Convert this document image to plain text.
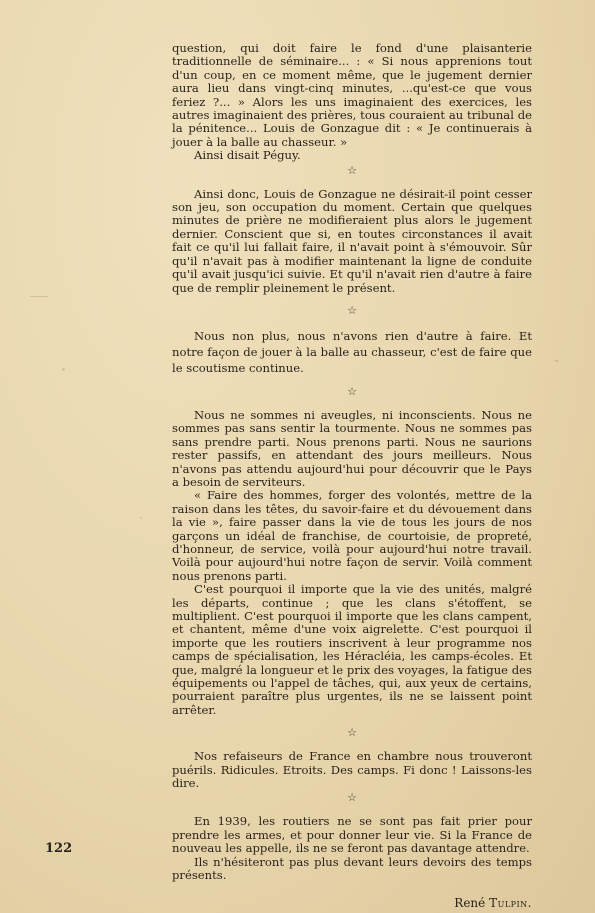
question, qui doit faire le fond d'une plaisanterie traditionnelle de séminaire... : « Si nous apprenions tout d'un coup, en ce moment même, que le jugement dernier aura lieu dans vingt-cinq minutes, ...qu'est-ce que vous feriez ?... » Alors les uns imaginaient des exercices, les autres imaginaient des prières, tous couraient au tribunal de la pénitence... Louis de Gonzague dit : « Je continuerais à jouer à la balle au chasseur. »

Ainsi disait Péguy.

☆

Ainsi donc, Louis de Gonzague ne désirait-il point cesser son jeu, son occupation du moment. Certain que quelques minutes de prière ne modifieraient plus alors le jugement dernier. Conscient que si, en toutes circonstances il avait fait ce qu'il lui fallait faire, il n'avait point à s'émouvoir. Sûr qu'il n'avait pas à modifier maintenant la ligne de conduite qu'il avait jusqu'ici suivie. Et qu'il n'avait rien d'autre à faire que de remplir pleinement le présent.

☆

Nous non plus, nous n'avons rien d'autre à faire. Et notre façon de jouer à la balle au chasseur, c'est de faire que le scoutisme continue.

☆

Nous ne sommes ni aveugles, ni inconscients. Nous ne sommes pas sans sentir la tourmente. Nous ne sommes pas sans prendre parti. Nous prenons parti. Nous ne saurions rester passifs, en attendant des jours meilleurs. Nous n'avons pas attendu aujourd'hui pour découvrir que le Pays a besoin de serviteurs.

« Faire des hommes, forger des volontés, mettre de la raison dans les têtes, du savoir-faire et du dévouement dans la vie », faire passer dans la vie de tous les jours de nos garçons un idéal de franchise, de courtoisie, de propreté, d'honneur, de service, voilà pour aujourd'hui notre travail. Voilà pour aujourd'hui notre façon de servir. Voilà comment nous prenons parti.

C'est pourquoi il importe que la vie des unités, malgré les départs, continue ; que les clans s'étoffent, se multiplient. C'est pourquoi il importe que les clans campent, et chantent, même d'une voix aigrelette. C'est pourquoi il importe que les routiers inscrivent à leur programme nos camps de spécialisation, les Héracléia, les camps-écoles. Et que, malgré la longueur et le prix des voyages, la fatigue des équipements ou l'appel de tâches, qui, aux yeux de certains, pourraient paraître plus urgentes, ils ne se laissent point arrêter.

☆

Nos refaiseurs de France en chambre nous trouveront puérils. Ridicules. Etroits. Des camps. Fi donc ! Laissons-les dire.

☆

En 1939, les routiers ne se sont pas fait prier pour prendre les armes, et pour donner leur vie. Si la France de nouveau les appelle, ils ne se feront pas davantage attendre.

Ils n'hésiteront pas plus devant leurs devoirs des temps présents.

René Tulpin.
122
